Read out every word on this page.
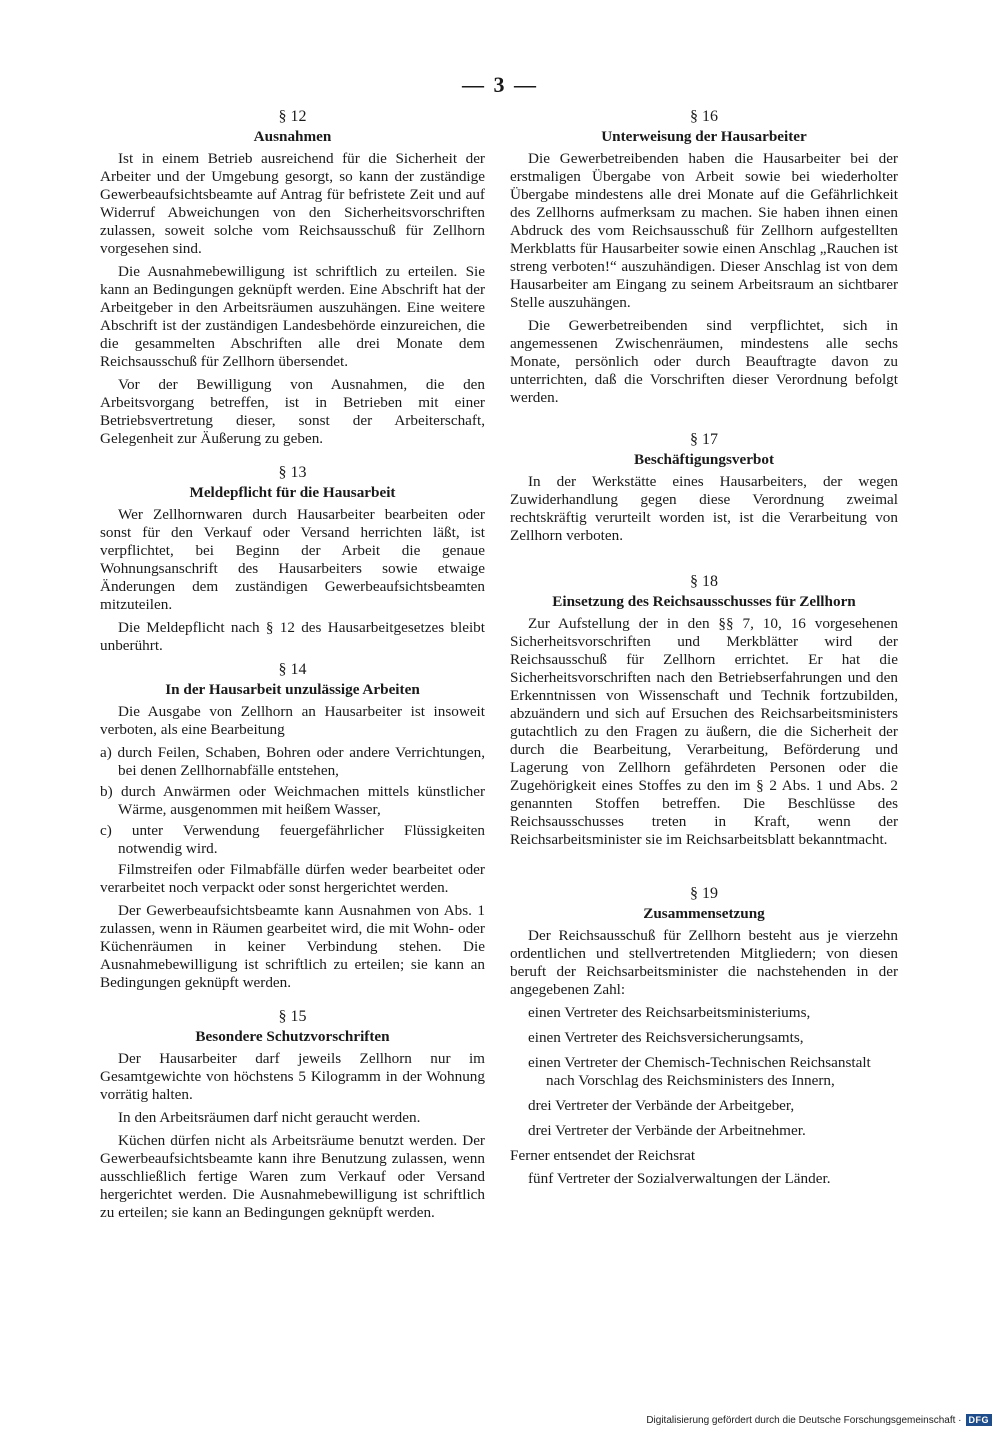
— 3 —
§ 12
Ausnahmen

Ist in einem Betrieb ausreichend für die Sicherheit der Arbeiter und der Umgebung gesorgt, so kann der zuständige Gewerbeaufsichtsbeamte auf Antrag für befristete Zeit und auf Widerruf Abweichungen von den Sicherheitsvorschriften zulassen, soweit solche vom Reichsausschuß für Zellhorn vorgesehen sind.

Die Ausnahmebewilligung ist schriftlich zu erteilen. Sie kann an Bedingungen geknüpft werden. Eine Abschrift hat der Arbeitgeber in den Arbeitsräumen auszuhängen. Eine weitere Abschrift ist der zuständigen Landesbehörde einzureichen, die die gesammelten Abschriften alle drei Monate dem Reichsausschuß für Zellhorn übersendet.

Vor der Bewilligung von Ausnahmen, die den Arbeitsvorgang betreffen, ist in Betrieben mit einer Betriebsvertretung dieser, sonst der Arbeiterschaft, Gelegenheit zur Äußerung zu geben.

§ 13
Meldepflicht für die Hausarbeit

Wer Zellhornwaren durch Hausarbeiter bearbeiten oder sonst für den Verkauf oder Versand herrichten läßt, ist verpflichtet, bei Beginn der Arbeit die genaue Wohnungsanschrift des Hausarbeiters sowie etwaige Änderungen dem zuständigen Gewerbeaufsichtsbeamten mitzuteilen.

Die Meldepflicht nach § 12 des Hausarbeitgesetzes bleibt unberührt.

§ 14
In der Hausarbeit unzulässige Arbeiten

Die Ausgabe von Zellhorn an Hausarbeiter ist insoweit verboten, als eine Bearbeitung

a) durch Feilen, Schaben, Bohren oder andere Verrichtungen, bei denen Zellhornabfälle entstehen,

b) durch Anwärmen oder Weichmachen mittels künstlicher Wärme, ausgenommen mit heißem Wasser,

c) unter Verwendung feuergefährlicher Flüssigkeiten notwendig wird.

Filmstreifen oder Filmabfälle dürfen weder bearbeitet oder verarbeitet noch verpackt oder sonst hergerichtet werden.

Der Gewerbeaufsichtsbeamte kann Ausnahmen von Abs. 1 zulassen, wenn in Räumen gearbeitet wird, die mit Wohn- oder Küchenräumen in keiner Verbindung stehen. Die Ausnahmebewilligung ist schriftlich zu erteilen; sie kann an Bedingungen geknüpft werden.

§ 15
Besondere Schutzvorschriften

Der Hausarbeiter darf jeweils Zellhorn nur im Gesamtgewichte von höchstens 5 Kilogramm in der Wohnung vorrätig halten.

In den Arbeitsräumen darf nicht geraucht werden.

Küchen dürfen nicht als Arbeitsräume benutzt werden. Der Gewerbeaufsichtsbeamte kann ihre Benutzung zulassen, wenn ausschließlich fertige Waren zum Verkauf oder Versand hergerichtet werden. Die Ausnahmebewilligung ist schriftlich zu erteilen; sie kann an Bedingungen geknüpft werden.

§ 16
Unterweisung der Hausarbeiter

Die Gewerbetreibenden haben die Hausarbeiter bei der erstmaligen Übergabe von Arbeit sowie bei wiederholter Übergabe mindestens alle drei Monate auf die Gefährlichkeit des Zellhorns aufmerksam zu machen. Sie haben ihnen einen Abdruck des vom Reichsausschuß für Zellhorn aufgestellten Merkblatts für Hausarbeiter sowie einen Anschlag „Rauchen ist streng verboten!“ auszuhändigen. Dieser Anschlag ist von dem Hausarbeiter am Eingang zu seinem Arbeitsraum an sichtbarer Stelle auszuhängen.

Die Gewerbetreibenden sind verpflichtet, sich in angemessenen Zwischenräumen, mindestens alle sechs Monate, persönlich oder durch Beauftragte davon zu unterrichten, daß die Vorschriften dieser Verordnung befolgt werden.

§ 17
Beschäftigungsverbot

In der Werkstätte eines Hausarbeiters, der wegen Zuwiderhandlung gegen diese Verordnung zweimal rechtskräftig verurteilt worden ist, ist die Verarbeitung von Zellhorn verboten.

§ 18
Einsetzung des Reichsausschusses für Zellhorn

Zur Aufstellung der in den §§ 7, 10, 16 vorgesehenen Sicherheitsvorschriften und Merkblätter wird der Reichsausschuß für Zellhorn errichtet. Er hat die Sicherheitsvorschriften nach den Betriebserfahrungen und den Erkenntnissen von Wissenschaft und Technik fortzubilden, abzuändern und sich auf Ersuchen des Reichsarbeitsministers gutachtlich zu den Fragen zu äußern, die die Sicherheit der durch die Bearbeitung, Verarbeitung, Beförderung und Lagerung von Zellhorn gefährdeten Personen oder die Zugehörigkeit eines Stoffes zu den im § 2 Abs. 1 und Abs. 2 genannten Stoffen betreffen. Die Beschlüsse des Reichsausschusses treten in Kraft, wenn der Reichsarbeitsminister sie im Reichsarbeitsblatt bekanntmacht.

§ 19
Zusammensetzung

Der Reichsausschuß für Zellhorn besteht aus je vierzehn ordentlichen und stellvertretenden Mitgliedern; von diesen beruft der Reichsarbeitsminister die nachstehenden in der angegebenen Zahl:

einen Vertreter des Reichsarbeitsministeriums,

einen Vertreter des Reichsversicherungsamts,

einen Vertreter der Chemisch-Technischen Reichsanstalt nach Vorschlag des Reichsministers des Innern,

drei Vertreter der Verbände der Arbeitgeber,

drei Vertreter der Verbände der Arbeitnehmer.

Ferner entsendet der Reichsrat

fünf Vertreter der Sozialverwaltungen der Länder.

Digitalisierung gefördert durch die Deutsche Forschungsgemeinschaft · DFG
